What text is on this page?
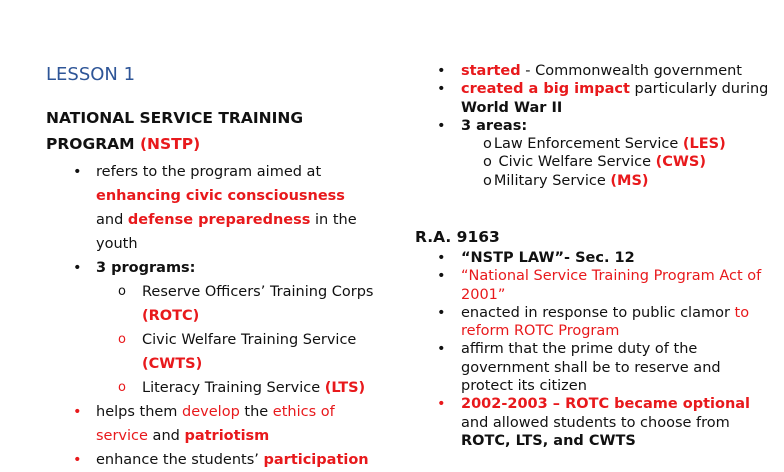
LESSON 1
NATIONAL SERVICE TRAINING
PROGRAM (NSTP)
• refers to the program aimed at enhancing civic consciousness and defense preparedness in the youth
• 3 programs:
o Reserve Officers’ Training Corps (ROTC)
o Civic Welfare Training Service (CWTS)
o Literacy Training Service (LTS)
• helps them develop the ethics of service and patriotism
• enhance the students’ participation
• started - Commonwealth government
• created a big impact particularly during World War II
• 3 areas:
o Law Enforcement Service (LES)
o Civic Welfare Service (CWS)
o Military Service (MS)
R.A. 9163
• “NSTP LAW”- Sec. 12
• “National Service Training Program Act of 2001”
• enacted in response to public clamor to reform ROTC Program
• affirm that the prime duty of the government shall be to reserve and protect its citizen
• 2002-2003 – ROTC became optional and allowed students to choose from ROTC, LTS, and CWTS
